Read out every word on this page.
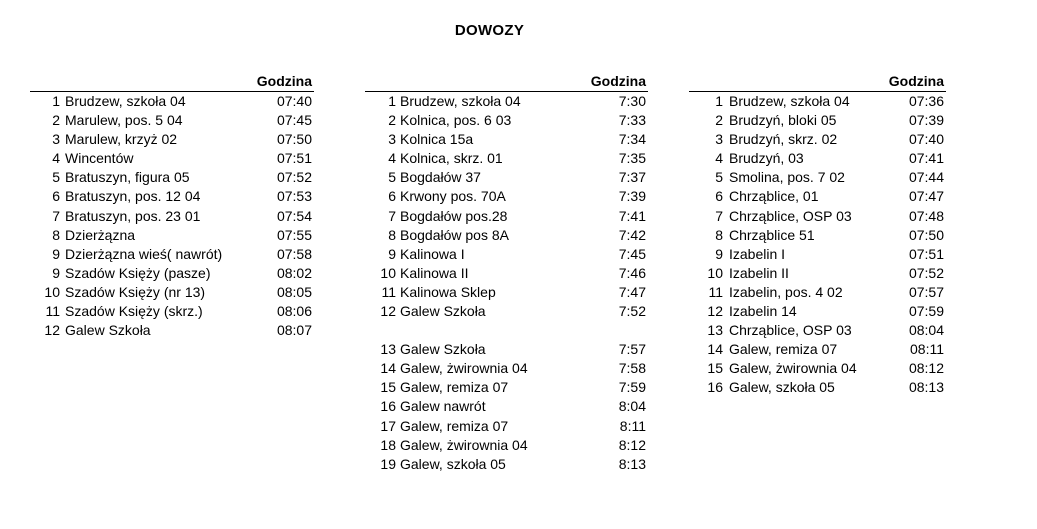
DOWOZY
Godzina
1 Brudzew, szkoła 04	07:40
2 Marulew, pos. 5 04	07:45
3 Marulew, krzyż 02	07:50
4 Wincentów	07:51
5 Bratuszyn, figura 05	07:52
6 Bratuszyn, pos. 12 04	07:53
7 Bratuszyn, pos. 23 01	07:54
8 Dzierżązna	07:55
9 Dzierżązna wieś( nawrót)	07:58
9 Szadów Księży (pasze)	08:02
10 Szadów Księży (nr 13)	08:05
11 Szadów Księży (skrz.)	08:06
12 Galew Szkoła	08:07
Godzina
1 Brudzew, szkoła 04	7:30
2 Kolnica, pos. 6 03	7:33
3 Kolnica 15a	7:34
4 Kolnica, skrz. 01	7:35
5 Bogdałów 37	7:37
6 Krwony pos. 70A	7:39
7 Bogdałów pos.28	7:41
8 Bogdałów pos 8A	7:42
9 Kalinowa I	7:45
10 Kalinowa II	7:46
11 Kalinowa Sklep	7:47
12 Galew Szkoła	7:52
13 Galew Szkoła	7:57
14 Galew, żwirownia 04	7:58
15 Galew, remiza 07	7:59
16 Galew nawrót	8:04
17 Galew, remiza 07	8:11
18 Galew, żwirownia 04	8:12
19 Galew, szkoła 05	8:13
Godzina
1 Brudzew, szkoła 04	07:36
2 Brudzyń, bloki 05	07:39
3 Brudzyń, skrz. 02	07:40
4 Brudzyń, 03	07:41
5 Smolina, pos. 7 02	07:44
6 Chrząblice, 01	07:47
7 Chrząblice, OSP 03	07:48
8 Chrząblice 51	07:50
9 Izabelin I	07:51
10 Izabelin II	07:52
11 Izabelin, pos. 4 02	07:57
12 Izabelin 14	07:59
13 Chrząblice, OSP 03	08:04
14 Galew, remiza 07	08:11
15 Galew, żwirownia 04	08:12
16 Galew, szkoła 05	08:13
